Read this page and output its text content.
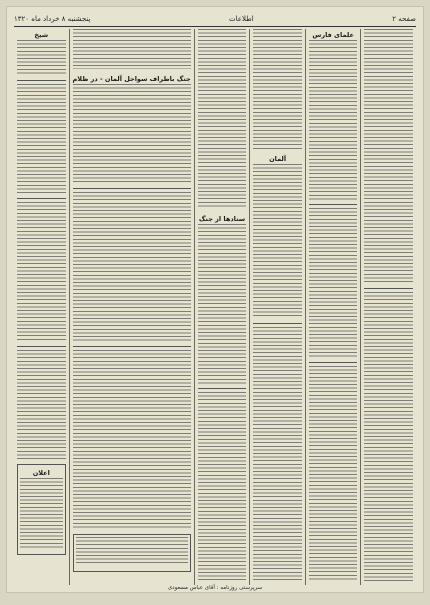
صفحه ۲
اطلاعات
پنجشنبه ۸ خرداد ماه ۱۳۲۰
علمای فارس
آلمان
ستادها از جنگ
جنگ باطراف سواحل آلمان - در ظلام
شیخ
اعلان
سرپرستی روزنامه : آقای عباس مسعودی
